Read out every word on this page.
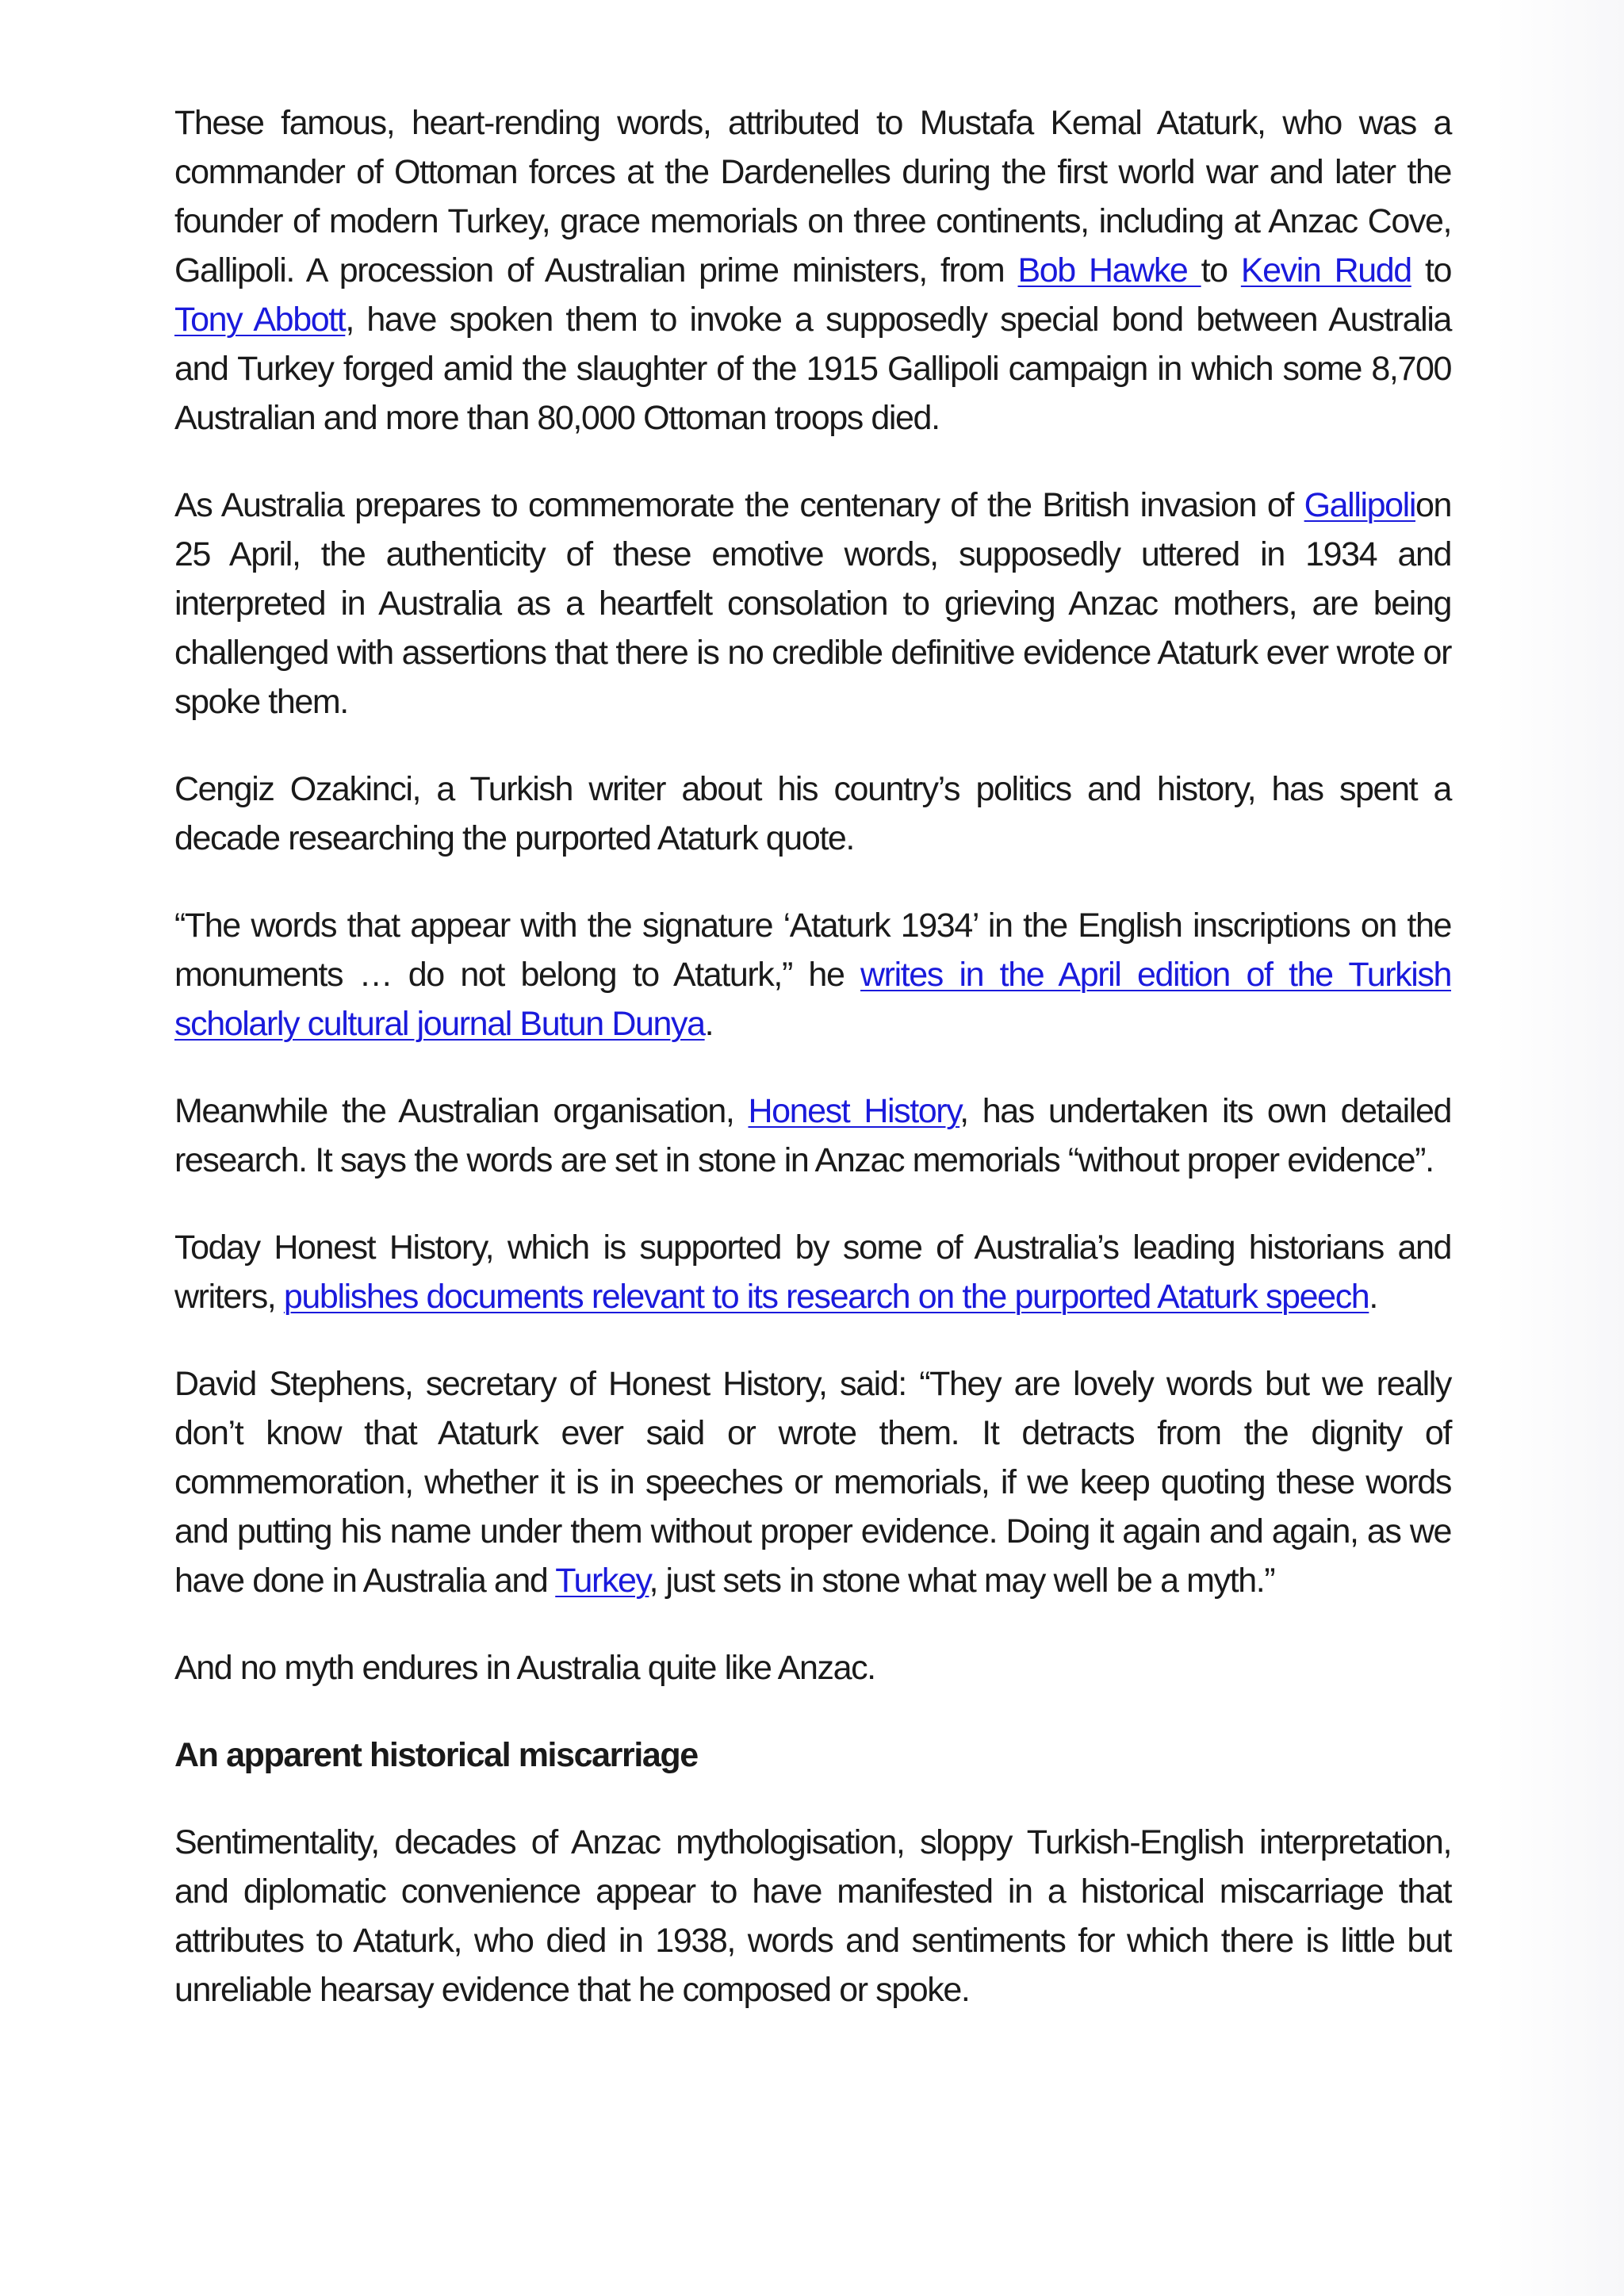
These famous, heart-rending words, attributed to Mustafa Kemal Ataturk, who was a commander of Ottoman forces at the Dardenelles during the first world war and later the founder of modern Turkey, grace memorials on three continents, including at Anzac Cove, Gallipoli. A procession of Australian prime ministers, from Bob Hawke to Kevin Rudd to Tony Abbott, have spoken them to invoke a supposedly special bond between Australia and Turkey forged amid the slaughter of the 1915 Gallipoli campaign in which some 8,700 Australian and more than 80,000 Ottoman troops died.

As Australia prepares to commemorate the centenary of the British invasion of Gallipolion 25 April, the authenticity of these emotive words, supposedly uttered in 1934 and interpreted in Australia as a heartfelt consolation to grieving Anzac mothers, are being challenged with assertions that there is no credible definitive evidence Ataturk ever wrote or spoke them.

Cengiz Ozakinci, a Turkish writer about his country’s politics and history, has spent a decade researching the purported Ataturk quote.

“The words that appear with the signature ‘Ataturk 1934’ in the English inscriptions on the monuments … do not belong to Ataturk,” he writes in the April edition of the Turkish scholarly cultural journal Butun Dunya.

Meanwhile the Australian organisation, Honest History, has undertaken its own detailed research. It says the words are set in stone in Anzac memorials “without proper evidence”.

Today Honest History, which is supported by some of Australia’s leading historians and writers, publishes documents relevant to its research on the purported Ataturk speech.

David Stephens, secretary of Honest History, said: “They are lovely words but we really don’t know that Ataturk ever said or wrote them. It detracts from the dignity of commemoration, whether it is in speeches or memorials, if we keep quoting these words and putting his name under them without proper evidence. Doing it again and again, as we have done in Australia and Turkey, just sets in stone what may well be a myth.”

And no myth endures in Australia quite like Anzac.

An apparent historical miscarriage

Sentimentality, decades of Anzac mythologisation, sloppy Turkish-English interpretation, and diplomatic convenience appear to have manifested in a historical miscarriage that attributes to Ataturk, who died in 1938, words and sentiments for which there is little but unreliable hearsay evidence that he composed or spoke.
